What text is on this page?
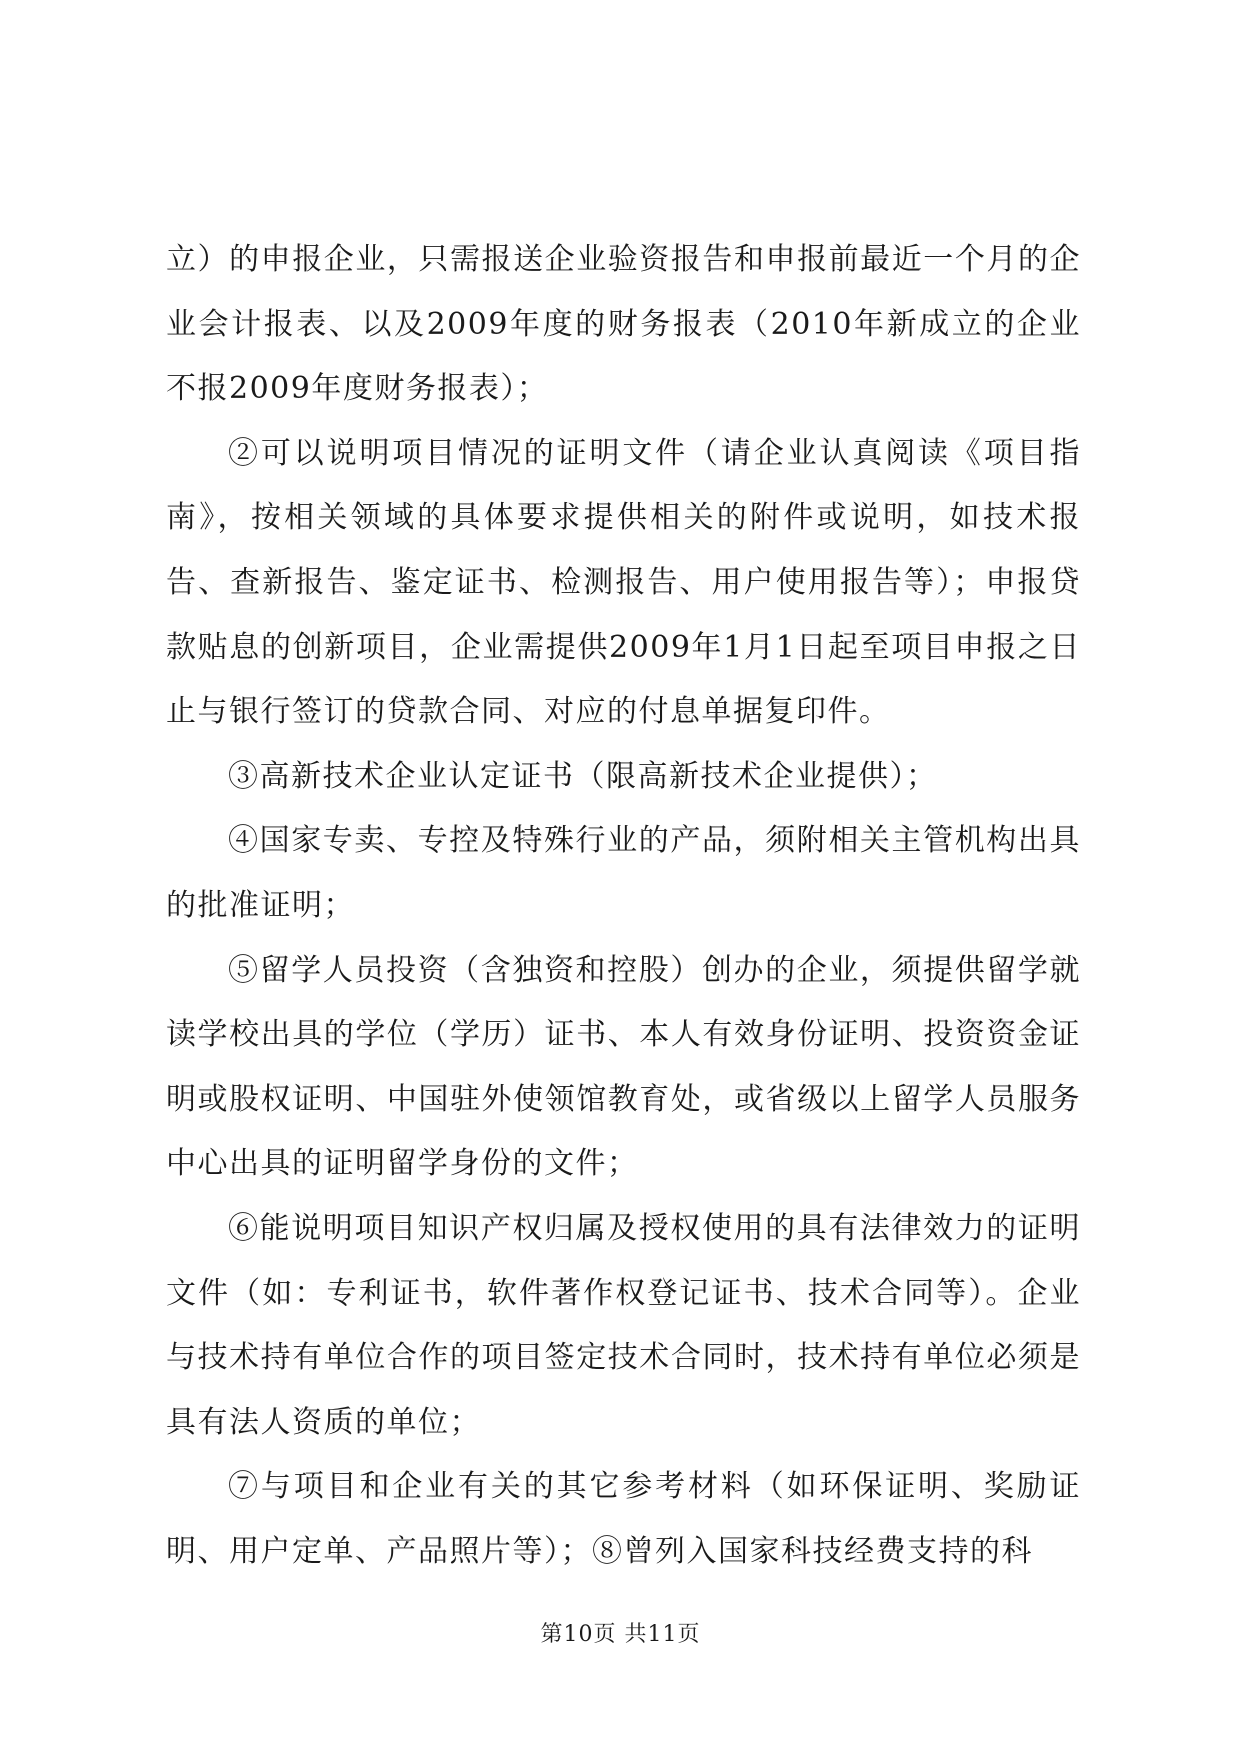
立）的申报企业，只需报送企业验资报告和申报前最近一个月的企业会计报表、以及2009年度的财务报表（2010年新成立的企业不报2009年度财务报表）；

②可以说明项目情况的证明文件（请企业认真阅读《项目指南》，按相关领域的具体要求提供相关的附件或说明，如技术报告、查新报告、鉴定证书、检测报告、用户使用报告等）；申报贷款贴息的创新项目，企业需提供2009年1月1日起至项目申报之日止与银行签订的贷款合同、对应的付息单据复印件。

③高新技术企业认定证书（限高新技术企业提供）；

④国家专卖、专控及特殊行业的产品，须附相关主管机构出具的批准证明；

⑤留学人员投资（含独资和控股）创办的企业，须提供留学就读学校出具的学位（学历）证书、本人有效身份证明、投资资金证明或股权证明、中国驻外使领馆教育处，或省级以上留学人员服务中心出具的证明留学身份的文件；

⑥能说明项目知识产权归属及授权使用的具有法律效力的证明文件（如：专利证书，软件著作权登记证书、技术合同等）。企业与技术持有单位合作的项目签定技术合同时，技术持有单位必须是具有法人资质的单位；

⑦与项目和企业有关的其它参考材料（如环保证明、奖励证明、用户定单、产品照片等）；⑧曾列入国家科技经费支持的科

第10页 共11页
